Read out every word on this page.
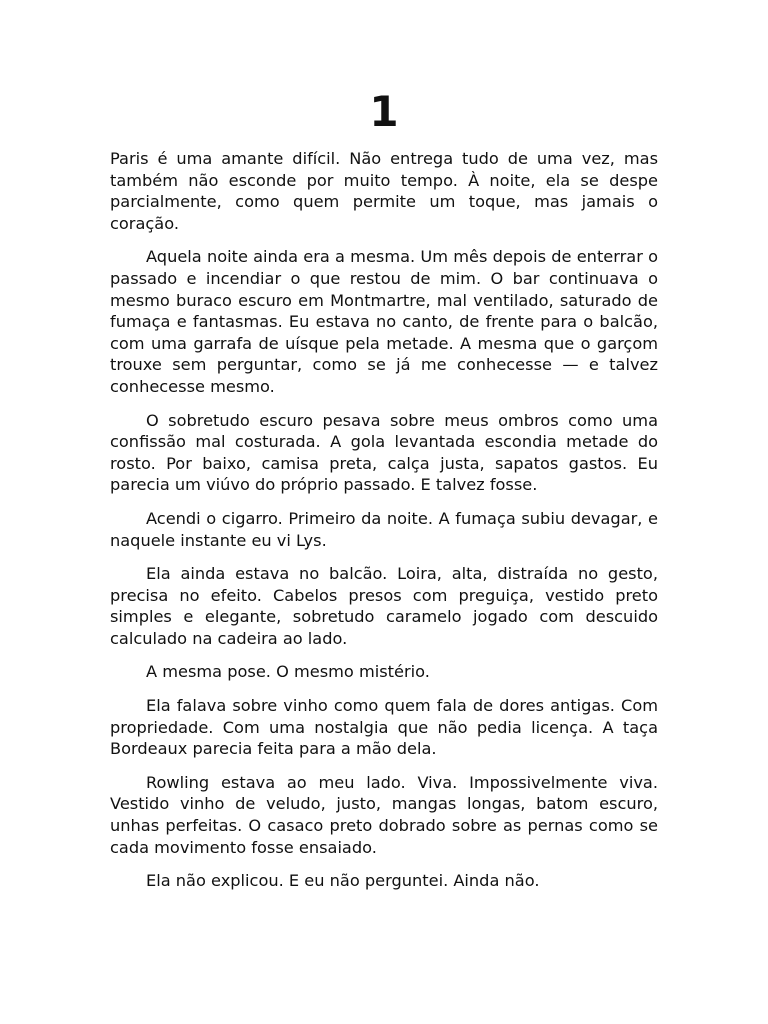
1

Paris é uma amante difícil. Não entrega tudo de uma vez, mas também não esconde por muito tempo. À noite, ela se despe parcialmente, como quem permite um toque, mas jamais o coração.

Aquela noite ainda era a mesma. Um mês depois de enterrar o passado e incendiar o que restou de mim. O bar continuava o mesmo buraco escuro em Montmartre, mal ventilado, saturado de fumaça e fantasmas. Eu estava no canto, de frente para o balcão, com uma garrafa de uísque pela metade. A mesma que o garçom trouxe sem perguntar, como se já me conhecesse — e talvez conhecesse mesmo.

O sobretudo escuro pesava sobre meus ombros como uma confissão mal costurada. A gola levantada escondia metade do rosto. Por baixo, camisa preta, calça justa, sapatos gastos. Eu parecia um viúvo do próprio passado. E talvez fosse.

Acendi o cigarro. Primeiro da noite. A fumaça subiu devagar, e naquele instante eu vi Lys.

Ela ainda estava no balcão. Loira, alta, distraída no gesto, precisa no efeito. Cabelos presos com preguiça, vestido preto simples e elegante, sobretudo caramelo jogado com descuido calculado na cadeira ao lado.

A mesma pose. O mesmo mistério.

Ela falava sobre vinho como quem fala de dores antigas. Com propriedade. Com uma nostalgia que não pedia licença. A taça Bordeaux parecia feita para a mão dela.

Rowling estava ao meu lado. Viva. Impossivelmente viva. Vestido vinho de veludo, justo, mangas longas, batom escuro, unhas perfeitas. O casaco preto dobrado sobre as pernas como se cada movimento fosse ensaiado.

Ela não explicou. E eu não perguntei. Ainda não.
